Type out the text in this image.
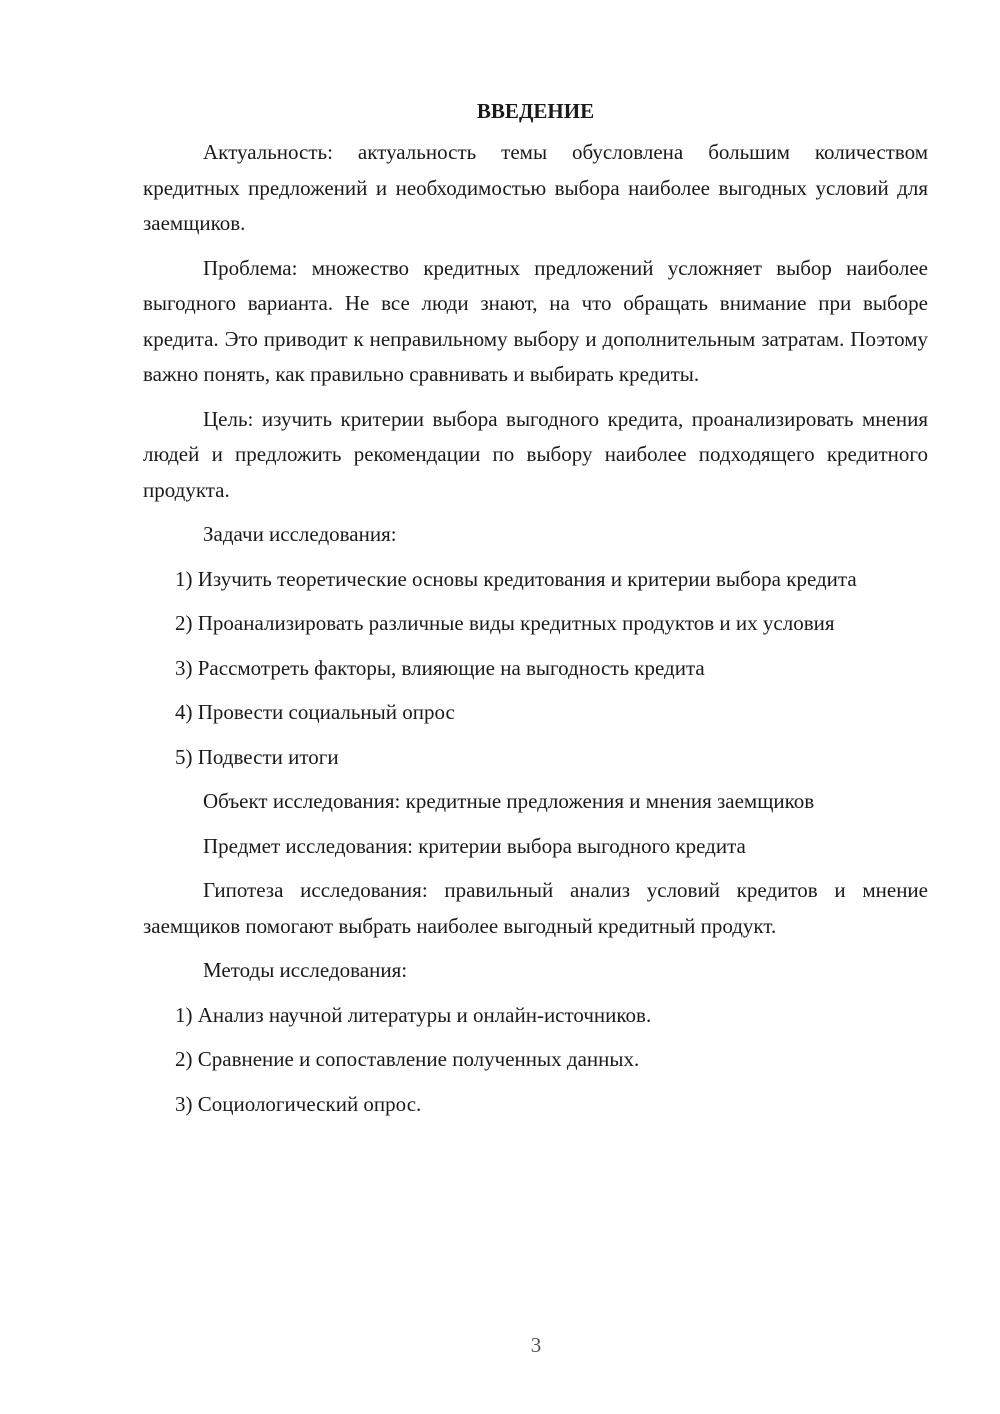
ВВЕДЕНИЕ

Актуальность: актуальность темы обусловлена большим количеством кредитных предложений и необходимостью выбора наиболее выгодных условий для заемщиков.

Проблема: множество кредитных предложений усложняет выбор наиболее выгодного варианта. Не все люди знают, на что обращать внимание при выборе кредита. Это приводит к неправильному выбору и дополнительным затратам. Поэтому важно понять, как правильно сравнивать и выбирать кредиты.

Цель: изучить критерии выбора выгодного кредита, проанализировать мнения людей и предложить рекомендации по выбору наиболее подходящего кредитного продукта.

Задачи исследования:

1) Изучить теоретические основы кредитования и критерии выбора кредита

2) Проанализировать различные виды кредитных продуктов и их условия

3) Рассмотреть факторы, влияющие на выгодность кредита

4) Провести социальный опрос

5) Подвести итоги

Объект исследования: кредитные предложения и мнения заемщиков

Предмет исследования: критерии выбора выгодного кредита

Гипотеза исследования: правильный анализ условий кредитов и мнение заемщиков помогают выбрать наиболее выгодный кредитный продукт.

Методы исследования:

1) Анализ научной литературы и онлайн-источников.

2) Сравнение и сопоставление полученных данных.

3) Социологический опрос.

3
